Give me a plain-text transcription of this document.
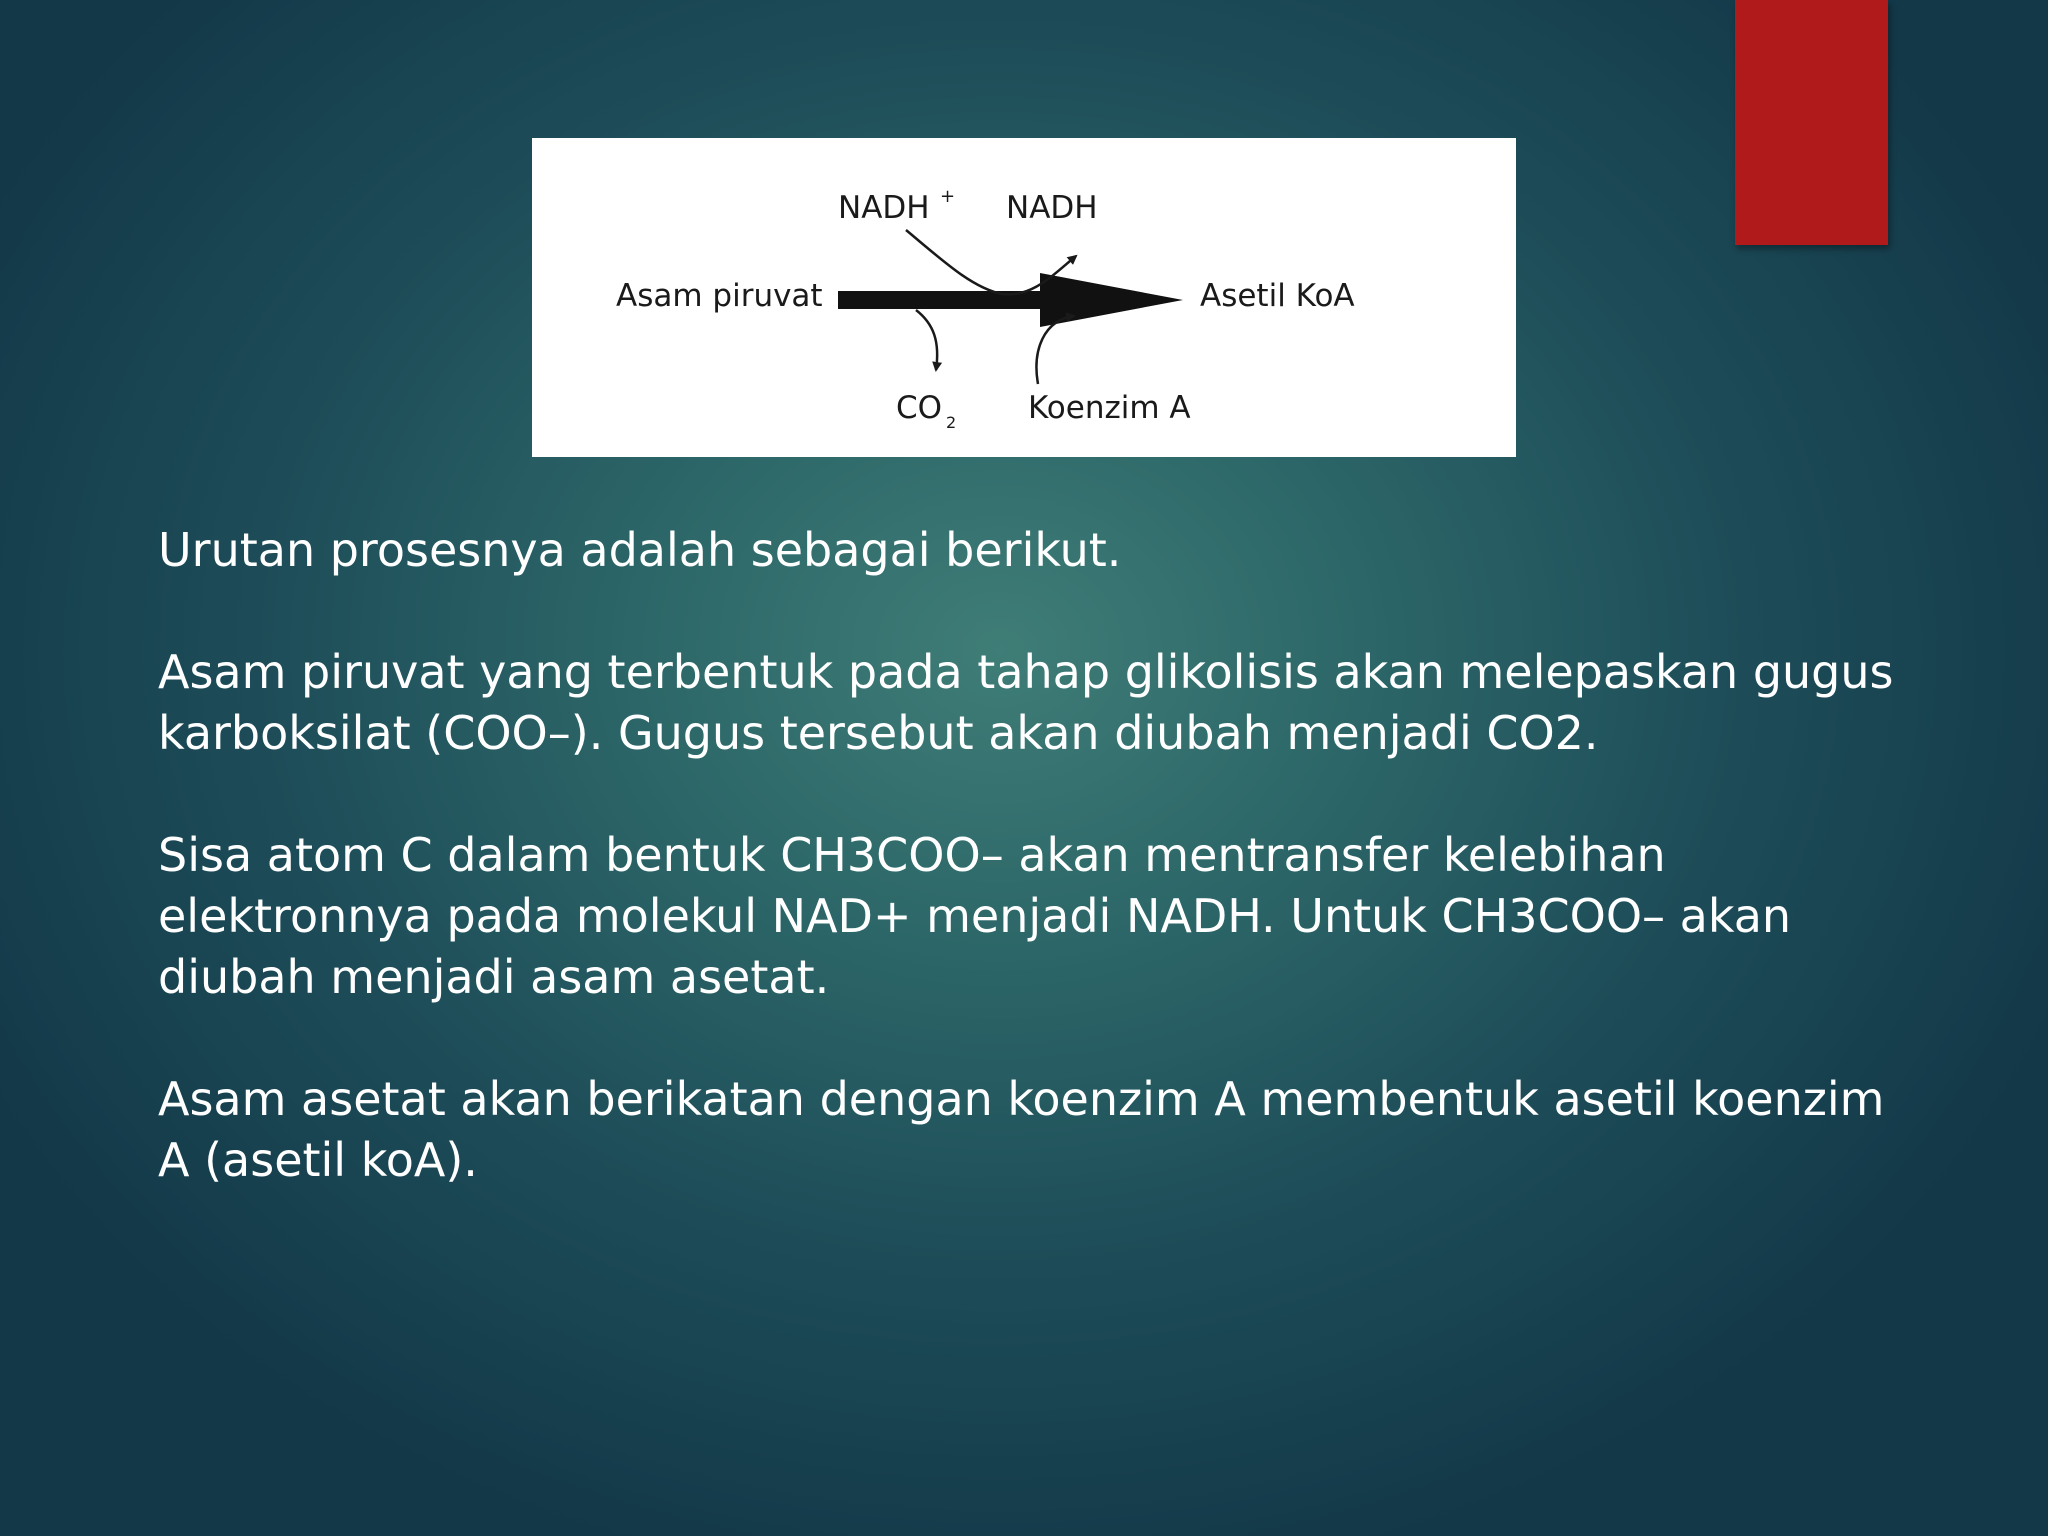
Asam piruvat	Asetil KoA
NADH + NADH
CO 2 Koenzim A

Urutan prosesnya adalah sebagai berikut.

Asam piruvat yang terbentuk pada tahap glikolisis akan melepaskan gugus karboksilat (COO–). Gugus tersebut akan diubah menjadi CO2.

Sisa atom C dalam bentuk CH3COO– akan mentransfer kelebihan elektronnya pada molekul NAD+ menjadi NADH. Untuk CH3COO– akan diubah menjadi asam asetat.

Asam asetat akan berikatan dengan koenzim A membentuk asetil koenzim A (asetil koA).
